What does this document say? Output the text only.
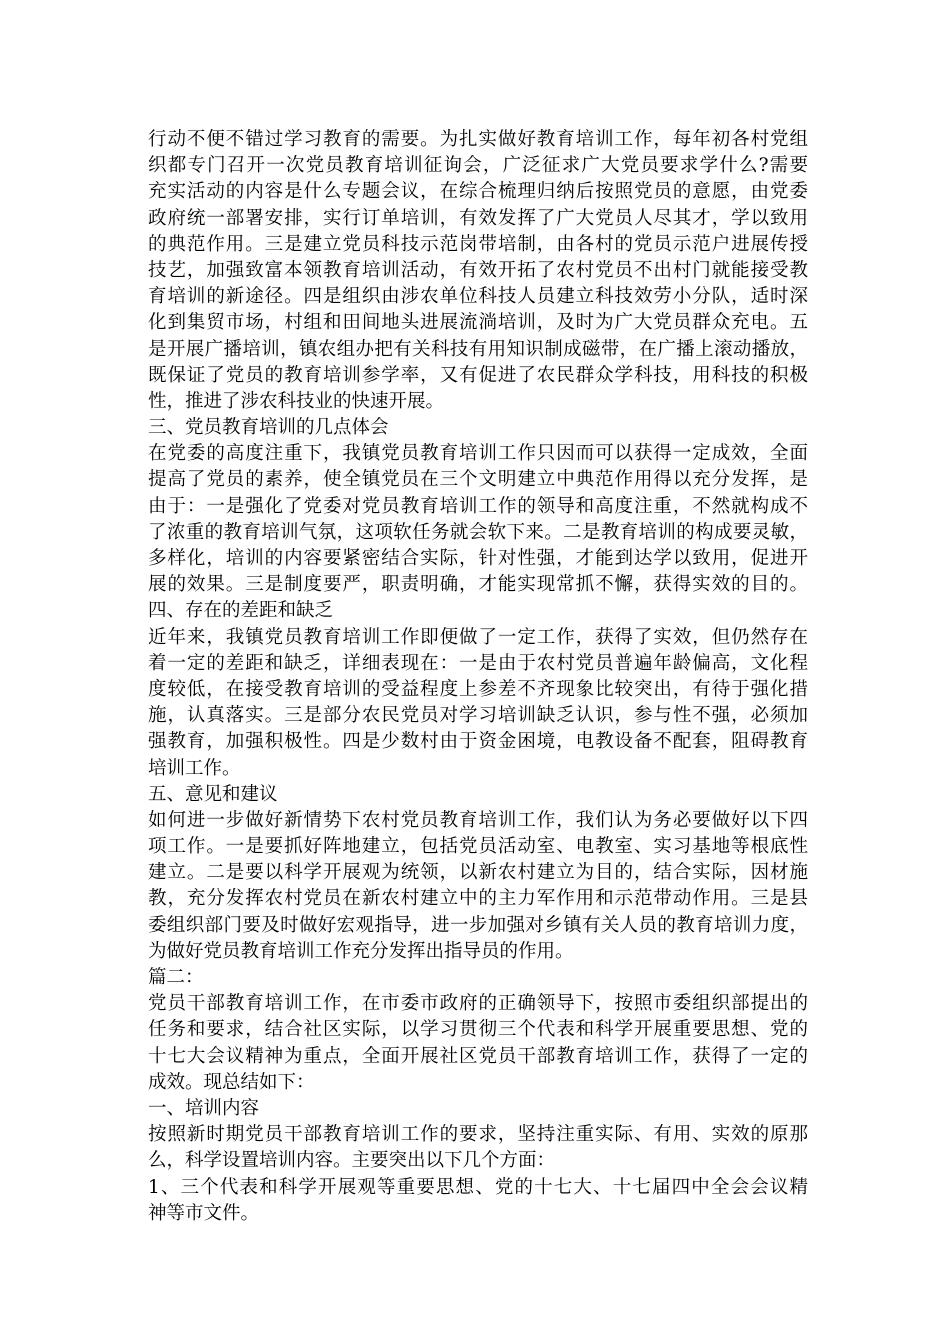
行动不便不错过学习教育的需要。为扎实做好教育培训工作，每年初各村党组
织都专门召开一次党员教育培训征询会，广泛征求广大党员要求学什么?需要
充实活动的内容是什么专题会议，在综合梳理归纳后按照党员的意愿，由党委
政府统一部署安排，实行订单培训，有效发挥了广大党员人尽其才，学以致用
的典范作用。三是建立党员科技示范岗带培制，由各村的党员示范户进展传授
技艺，加强致富本领教育培训活动，有效开拓了农村党员不出村门就能接受教
育培训的新途径。四是组织由涉农单位科技人员建立科技效劳小分队，适时深
化到集贸市场，村组和田间地头进展流淌培训，及时为广大党员群众充电。五
是开展广播培训，镇农组办把有关科技有用知识制成磁带，在广播上滚动播放，
既保证了党员的教育培训参学率，又有促进了农民群众学科技，用科技的积极
性，推进了涉农科技业的快速开展。
三、党员教育培训的几点体会
在党委的高度注重下，我镇党员教育培训工作只因而可以获得一定成效，全面
提高了党员的素养，使全镇党员在三个文明建立中典范作用得以充分发挥，是
由于：一是强化了党委对党员教育培训工作的领导和高度注重，不然就构成不
了浓重的教育培训气氛，这项软任务就会软下来。二是教育培训的构成要灵敏，
多样化，培训的内容要紧密结合实际，针对性强，才能到达学以致用，促进开
展的效果。三是制度要严，职责明确，才能实现常抓不懈，获得实效的目的。
四、存在的差距和缺乏
近年来，我镇党员教育培训工作即便做了一定工作，获得了实效，但仍然存在
着一定的差距和缺乏，详细表现在：一是由于农村党员普遍年龄偏高，文化程
度较低，在接受教育培训的受益程度上参差不齐现象比较突出，有待于强化措
施，认真落实。三是部分农民党员对学习培训缺乏认识，参与性不强，必须加
强教育，加强积极性。四是少数村由于资金困境，电教设备不配套，阻碍教育
培训工作。
五、意见和建议
如何进一步做好新情势下农村党员教育培训工作，我们认为务必要做好以下四
项工作。一是要抓好阵地建立，包括党员活动室、电教室、实习基地等根底性
建立。二是要以科学开展观为统领，以新农村建立为目的，结合实际，因材施
教，充分发挥农村党员在新农村建立中的主力军作用和示范带动作用。三是县
委组织部门要及时做好宏观指导，进一步加强对乡镇有关人员的教育培训力度，
为做好党员教育培训工作充分发挥出指导员的作用。
篇二：
党员干部教育培训工作，在市委市政府的正确领导下，按照市委组织部提出的
任务和要求，结合社区实际，以学习贯彻三个代表和科学开展重要思想、党的
十七大会议精神为重点，全面开展社区党员干部教育培训工作，获得了一定的
成效。现总结如下：
一、培训内容
按照新时期党员干部教育培训工作的要求，坚持注重实际、有用、实效的原那
么，科学设置培训内容。主要突出以下几个方面：
1、三个代表和科学开展观等重要思想、党的十七大、十七届四中全会会议精
神等市文件。
